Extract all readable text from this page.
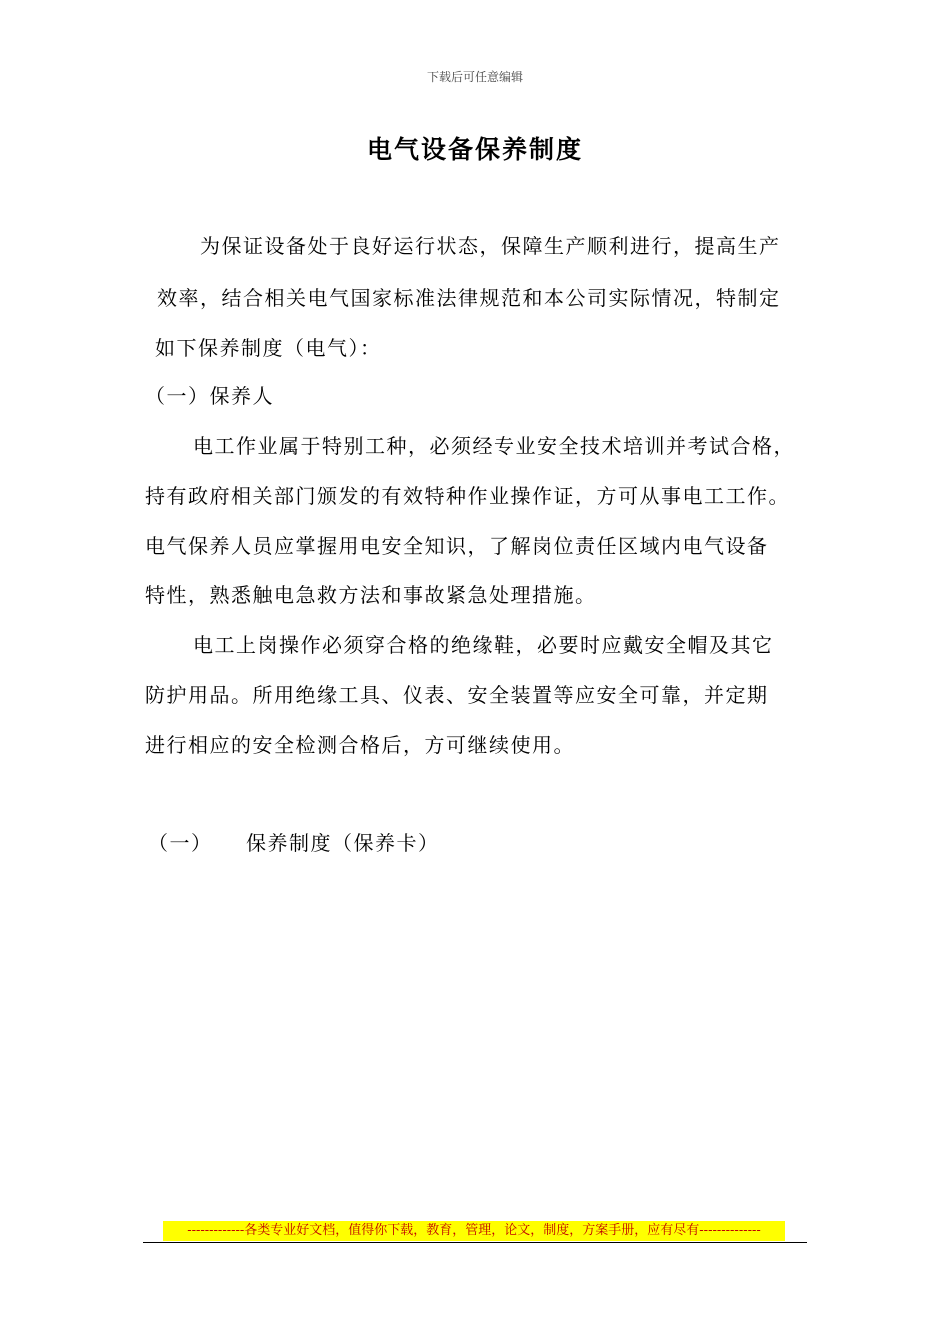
下载后可任意编辑
电气设备保养制度
为保证设备处于良好运行状态，保障生产顺利进行，提高生产
效率，结合相关电气国家标准法律规范和本公司实际情况，特制定
如下保养制度（电气）：
（一）保养人
电工作业属于特别工种，必须经专业安全技术培训并考试合格，
持有政府相关部门颁发的有效特种作业操作证，方可从事电工工作。
电气保养人员应掌握用电安全知识，了解岗位责任区域内电气设备
特性，熟悉触电急救方法和事故紧急处理措施。
电工上岗操作必须穿合格的绝缘鞋，必要时应戴安全帽及其它
防护用品。所用绝缘工具、仪表、安全装置等应安全可靠，并定期
进行相应的安全检测合格后，方可继续使用。
（一） 保养制度（保养卡）
-------------各类专业好文档，值得你下载，教育，管理，论文，制度，方案手册，应有尽有--------------
